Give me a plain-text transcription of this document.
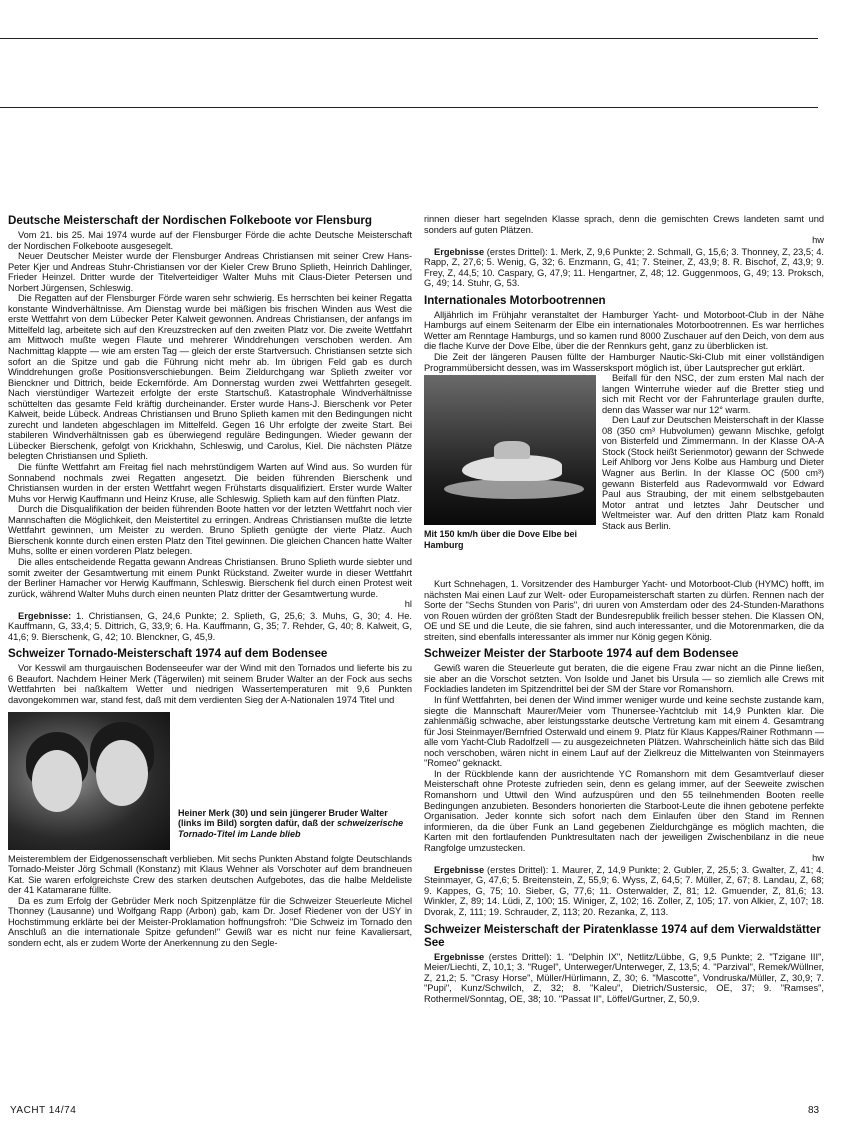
Deutsche Meisterschaft der Nordischen Folkeboote vor Flensburg

Vom 21. bis 25. Mai 1974 wurde auf der Flensburger Förde die achte Deutsche Meisterschaft der Nordischen Folkeboote ausgesegelt.

Neuer Deutscher Meister wurde der Flensburger Andreas Christiansen mit seiner Crew Hans-Peter Kjer und Andreas Stuhr-Christiansen vor der Kieler Crew Bruno Splieth, Heinrich Dahlinger, Frieder Heinzel. Dritter wurde der Titelverteidiger Walter Muhs mit Claus-Dieter Petersen und Norbert Jürgensen, Schleswig.

Die Regatten auf der Flensburger Förde waren sehr schwierig. Es herrschten bei keiner Regatta konstante Windverhältnisse. Am Dienstag wurde bei mäßigen bis frischen Winden aus West die erste Wettfahrt von dem Lübecker Peter Kalweit gewonnen. Andreas Christiansen, der anfangs im Mittelfeld lag, arbeitete sich auf den Kreuzstrecken auf den zweiten Platz vor. Die zweite Wettfahrt am Mittwoch mußte wegen Flaute und mehrerer Winddrehungen verschoben werden. Am Nachmittag klappte — wie am ersten Tag — gleich der erste Startversuch. Christiansen setzte sich sofort an die Spitze und gab die Führung nicht mehr ab. Im übrigen Feld gab es durch Winddrehungen große Positionsverschiebungen. Beim Zieldurchgang war Splieth zweiter vor Bienckner und Dittrich, beide Eckernförde. Am Donnerstag wurden zwei Wettfahrten gesegelt. Nach vierstündiger Wartezeit erfolgte der erste Startschuß. Katastrophale Windverhältnisse schüttelten das gesamte Feld kräftig durcheinander. Erster wurde Hans-J. Bierschenk vor Peter Kalweit, beide Lübeck. Andreas Christiansen und Bruno Splieth kamen mit den Bedingungen nicht zurecht und landeten abgeschlagen im Mittelfeld. Gegen 16 Uhr erfolgte der zweite Start. Bei stabileren Windverhältnissen gab es überwiegend reguläre Bedingungen. Wieder gewann der Lübecker Bierschenk, gefolgt von Krickhahn, Schleswig, und Carolus, Kiel. Die nächsten Plätze belegten Christiansen und Splieth.

Die fünfte Wettfahrt am Freitag fiel nach mehrstündigem Warten auf Wind aus. So wurden für Sonnabend nochmals zwei Regatten angesetzt. Die beiden führenden Bierschenk und Christiansen wurden in der ersten Wettfahrt wegen Frühstarts disqualifiziert. Erster wurde Walter Muhs vor Herwig Kauffmann und Heinz Kruse, alle Schleswig. Splieth kam auf den fünften Platz.

Durch die Disqualifikation der beiden führenden Boote hatten vor der letzten Wettfahrt noch vier Mannschaften die Möglichkeit, den Meistertitel zu erringen. Andreas Christiansen mußte die letzte Wettfahrt gewinnen, um Meister zu werden. Bruno Splieth genügte der vierte Platz. Auch Bierschenk konnte durch einen ersten Platz den Titel gewinnen. Die gleichen Chancen hatte Walter Muhs, sollte er einen vorderen Platz belegen.

Die alles entscheidende Regatta gewann Andreas Christiansen. Bruno Splieth wurde siebter und somit zweiter der Gesamtwertung mit einem Punkt Rückstand. Zweiter wurde in dieser Wettfahrt der Berliner Hamacher vor Herwig Kauffmann, Schleswig. Bierschenk fiel durch einen Protest weit zurück, während Walter Muhs durch einen neunten Platz dritter der Gesamtwertung wurde.

hl

Ergebnisse: 1. Christiansen, G, 24,6 Punkte; 2. Splieth, G, 25,6; 3. Muhs, G, 30; 4. He. Kauffmann, G, 33,4; 5. Dittrich, G, 33,9; 6. Ha. Kauffmann, G, 35; 7. Rehder, G, 40; 8. Kalweit, G, 41,6; 9. Bierschenk, G, 42; 10. Blenckner, G, 45,9.

Schweizer Tornado-Meisterschaft 1974 auf dem Bodensee

Vor Kesswil am thurgauischen Bodenseeufer war der Wind mit den Tornados und lieferte bis zu 6 Beaufort. Nachdem Heiner Merk (Tägerwilen) mit seinem Bruder Walter an der Fock aus sechs Wettfahrten bei naßkaltem Wetter und niedrigen Wassertemperaturen mit 9,6 Punkten davongekommen war, stand fest, daß mit dem verdienten Sieg der A-Nationalen 1974 Titel und

Heiner Merk (30) und sein jüngerer Bruder Walter (links im Bild) sorgten dafür, daß der schweizerische Tornado-Titel im Lande blieb

Meisteremblem der Eidgenossenschaft verblieben. Mit sechs Punkten Abstand folgte Deutschlands Tornado-Meister Jörg Schmall (Konstanz) mit Klaus Wehner als Vorschoter auf dem brandneuen Kat. Sie waren erfolgreichste Crew des starken deutschen Aufgebotes, das die halbe Meldeliste der 41 Katamarane füllte.

Da es zum Erfolg der Gebrüder Merk noch Spitzenplätze für die Schweizer Steuerleute Michel Thonney (Lausanne) und Wolfgang Rapp (Arbon) gab, kam Dr. Josef Riedener von der USY in Hochstimmung erklärte bei der Meister-Proklamation hoffnungsfroh: "Die Schweiz im Tornado den Anschluß an die internationale Spitze gefunden!" Gewiß war es nicht nur feine Kavaliersart, sondern echt, als er zudem Worte der Anerkennung zu den Segle-

rinnen dieser hart segelnden Klasse sprach, denn die gemischten Crews landeten samt und sonders auf guten Plätzen.

hw

Ergebnisse (erstes Drittel): 1. Merk, Z, 9,6 Punkte; 2. Schmall, G, 15,6; 3. Thonney, Z, 23,5; 4. Rapp, Z, 27,6; 5. Wenig, G, 32; 6. Enzmann, G, 41; 7. Steiner, Z, 43,9; 8. R. Bischof, Z, 43,9; 9. Frey, Z, 44,5; 10. Caspary, G, 47,9; 11. Hengartner, Z, 48; 12. Guggenmoos, G, 49; 13. Proksch, G, 49; 14. Stuhr, G, 53.

Internationales Motorbootrennen

Alljährlich im Frühjahr veranstaltet der Hamburger Yacht- und Motorboot-Club in der Nähe Hamburgs auf einem Seitenarm der Elbe ein internationales Motorbootrennen. Es war herrliches Wetter am Renntage Hamburgs, und so kamen rund 8000 Zuschauer auf den Deich, von dem aus die flache Kurve der Dove Elbe, über die der Rennkurs geht, ganz zu überblicken ist.

Die Zeit der längeren Pausen füllte der Hamburger Nautic-Ski-Club mit einer vollständigen Programmübersicht dessen, was im Wassersksport möglich ist, über Lautsprecher gut erklärt.

Mit 150 km/h über die Dove Elbe bei Hamburg

Beifall für den NSC, der zum ersten Mal nach der langen Winterruhe wieder auf die Bretter stieg und sich mit Recht vor der Fahrunterlage graulen durfte, denn das Wasser war nur 12° warm.

Den Lauf zur Deutschen Meisterschaft in der Klasse 08 (350 cm³ Hubvolumen) gewann Mischke, gefolgt von Bisterfeld und Zimmermann. In der Klasse OA-A Stock (Stock heißt Serienmotor) gewann der Schwede Leif Ahlborg vor Jens Kolbe aus Hamburg und Dieter Wagner aus Berlin. In der Klasse OC (500 cm³) gewann Bisterfeld aus Radevormwald vor Edward Paul aus Straubing, der mit einem selbstgebauten Motor antrat und letztes Jahr Deutscher und Weltmeister war. Auf den dritten Platz kam Ronald Stack aus Berlin.

Kurt Schnehagen, 1. Vorsitzender des Hamburger Yacht- und Motorboot-Club (HYMC) hofft, im nächsten Mai einen Lauf zur Welt- oder Europameisterschaft starten zu dürfen. Rennen nach der Sorte der "Sechs Stunden von Paris", dri uuren von Amsterdam oder des 24-Stunden-Marathons von Rouen würden der größten Stadt der Bundesrepublik freilich besser stehen. Die Klassen ON, OE und SE und die Leute, die sie fahren, sind auch interessanter, und die Motorenmarken, die da streiten, sind ebenfalls interessanter als immer nur König gegen König.

Schweizer Meister der Starboote 1974 auf dem Bodensee

Gewiß waren die Steuerleute gut beraten, die die eigene Frau zwar nicht an die Pinne ließen, sie aber an die Vorschot setzten. Von Isolde und Janet bis Ursula — so ziemlich alle Crews mit Fockladies landeten im Spitzendrittel bei der SM der Stare vor Romanshorn.

In fünf Wettfahrten, bei denen der Wind immer weniger wurde und keine sechste zustande kam, siegte die Mannschaft Maurer/Meier vom Thunersee-Yachtclub mit 14,9 Punkten klar. Die zahlenmäßig schwache, aber leistungsstarke deutsche Vertretung kam mit einem 4. Gesamtrang für Josi Steinmayer/Bernfried Osterwald und einem 9. Platz für Klaus Kappes/Rainer Rothmann — alle vom Yacht-Club Radolfzell — zu ausgezeichneten Plätzen. Wahrscheinlich hätte sich das Bild noch verschoben, wären nicht in einem Lauf auf der Zielkreuz die Mittelwanten von Steinmayers "Romeo" geknackt.

In der Rückblende kann der ausrichtende YC Romanshorn mit dem Gesamtverlauf dieser Meisterschaft ohne Proteste zufrieden sein, denn es gelang immer, auf der Seeweite zwischen Romanshorn und Uttwil den Wind aufzuspüren und den 55 teilnehmenden Booten reelle Bedingungen anzubieten. Besonders honorierten die Starboot-Leute die ihnen gebotene perfekte Organisation. Jeder konnte sich sofort nach dem Einlaufen über den Stand im Rennen informieren, da die über Funk an Land gegebenen Zieldurchgänge es möglich machten, die Karten mit den fortlaufenden Punktresultaten nach der jeweiligen Zwischenbilanz in die neue Rangfolge umzustecken.

hw

Ergebnisse (erstes Drittel): 1. Maurer, Z, 14,9 Punkte; 2. Gubler, Z, 25,5; 3. Gwalter, Z, 41; 4. Steinmayer, G, 47,6; 5. Breitenstein, Z, 55,9; 6. Wyss, Z, 64,5; 7. Müller, Z, 67; 8. Landau, Z, 68; 9. Kappes, G, 75; 10. Sieber, G, 77,6; 11. Osterwalder, Z, 81; 12. Gmuender, Z, 81,6; 13. Winkler, Z, 89; 14. Lüdi, Z, 100; 15. Winiger, Z, 102; 16. Zoller, Z, 105; 17. von Alkier, Z, 107; 18. Dvorak, Z, 111; 19. Schrauder, Z, 113; 20. Rezanka, Z, 113.

Schweizer Meisterschaft der Piratenklasse 1974 auf dem Vierwaldstätter See

Ergebnisse (erstes Drittel): 1. "Delphin IX", Netlitz/Lübbe, G, 9,5 Punkte; 2. "Tzigane III", Meier/Liechti, Z, 10,1; 3. "Rugel", Unterweger/Unterweger, Z, 13,5; 4. "Parzival", Remek/Wüllner, Z, 21,2; 5. "Crasy Horse", Müller/Hürlimann, Z, 30; 6. "Mascotte", Vondruska/Müller, Z, 30,9; 7. "Pupi", Kunz/Schwilch, Z, 32; 8. "Kaleu", Dietrich/Sustersic, OE, 37; 9. "Ramses", Rothermel/Sonntag, OE, 38; 10. "Passat II", Löffel/Gurtner, Z, 50,9.

YACHT 14/74	83
